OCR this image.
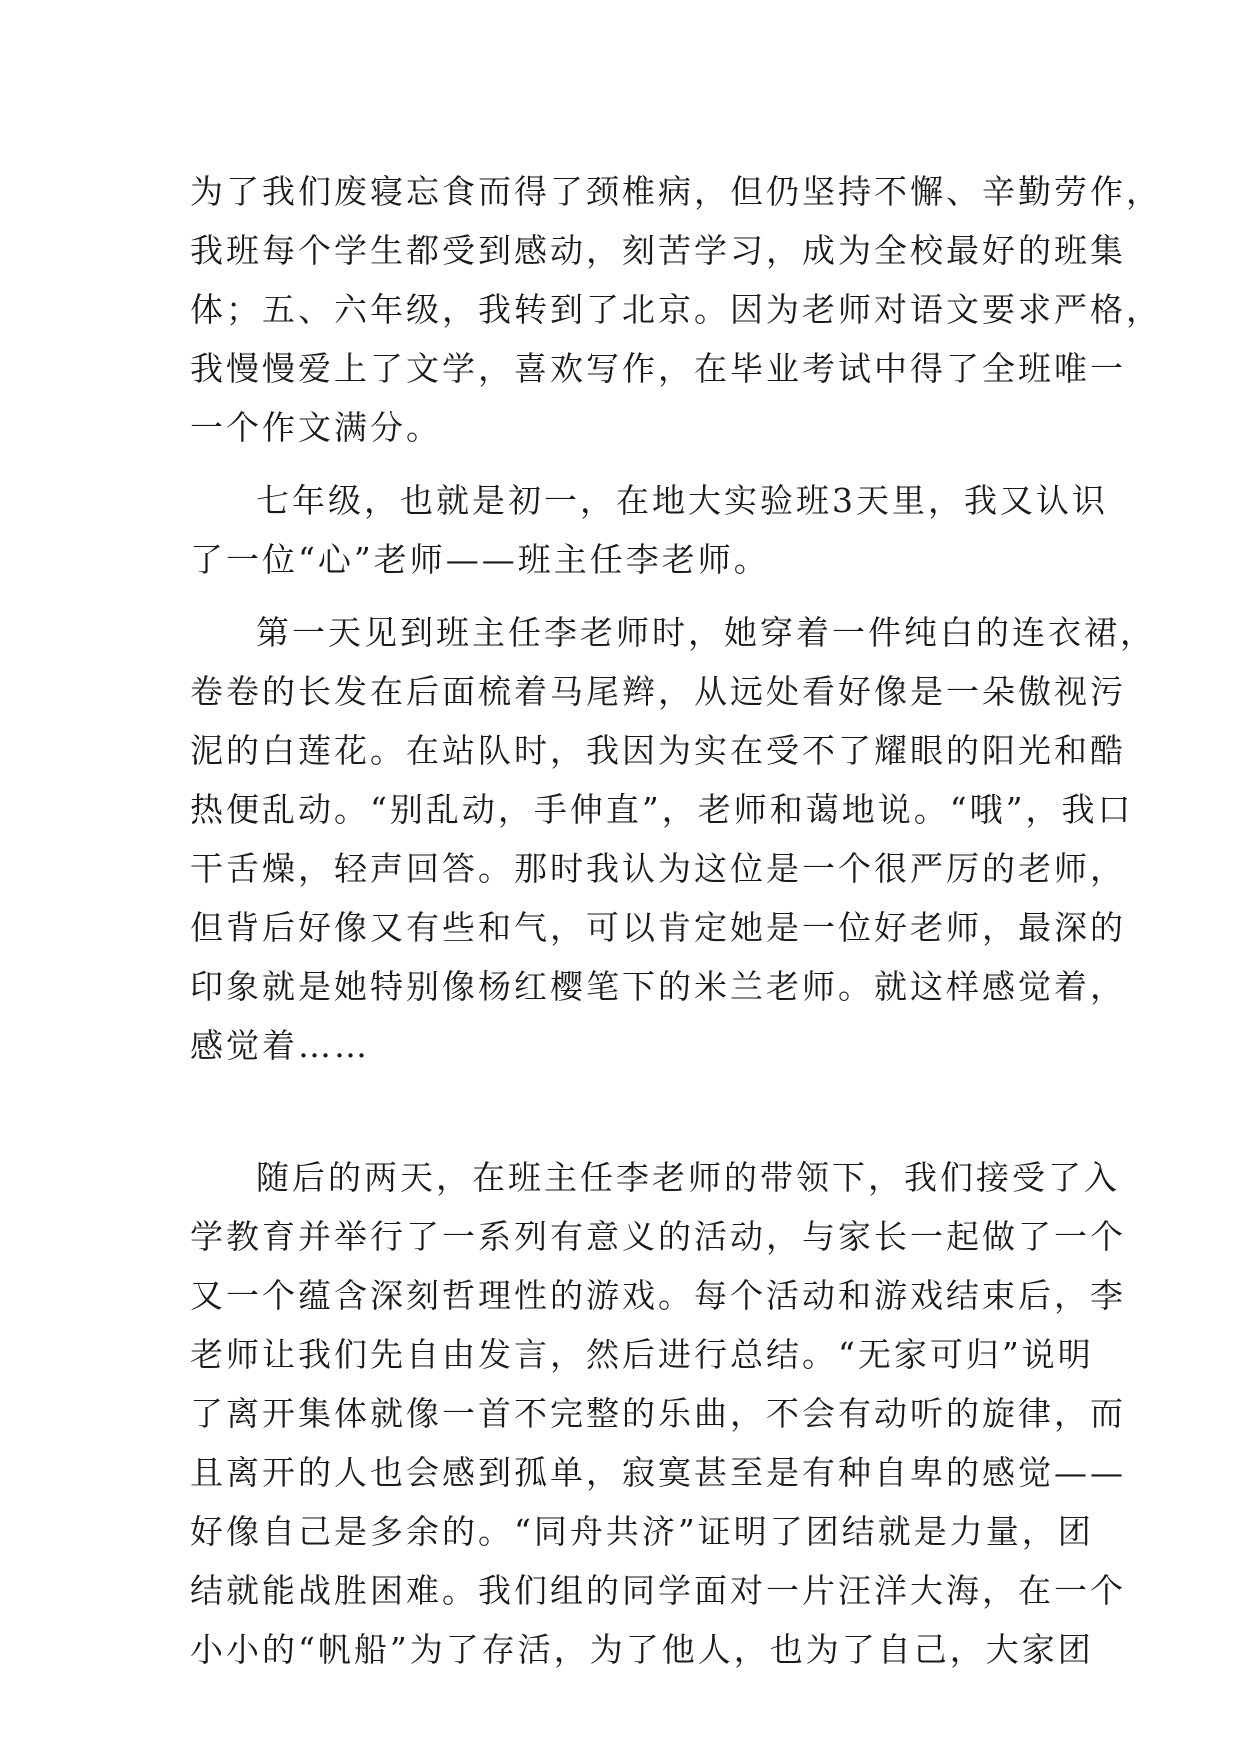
为了我们废寝忘食而得了颈椎病，但仍坚持不懈、辛勤劳作，
我班每个学生都受到感动，刻苦学习，成为全校最好的班集
体；五、六年级，我转到了北京。因为老师对语文要求严格，
我慢慢爱上了文学，喜欢写作，在毕业考试中得了全班唯一
一个作文满分。
七年级，也就是初一，在地大实验班3天里，我又认识
了一位“心”老师——班主任李老师。
第一天见到班主任李老师时，她穿着一件纯白的连衣裙，
卷卷的长发在后面梳着马尾辫，从远处看好像是一朵傲视污
泥的白莲花。在站队时，我因为实在受不了耀眼的阳光和酷
热便乱动。“别乱动，手伸直”，老师和蔼地说。“哦”，我口
干舌燥，轻声回答。那时我认为这位是一个很严厉的老师，
但背后好像又有些和气，可以肯定她是一位好老师，最深的
印象就是她特别像杨红樱笔下的米兰老师。就这样感觉着，
感觉着……
随后的两天，在班主任李老师的带领下，我们接受了入
学教育并举行了一系列有意义的活动，与家长一起做了一个
又一个蕴含深刻哲理性的游戏。每个活动和游戏结束后，李
老师让我们先自由发言，然后进行总结。“无家可归”说明
了离开集体就像一首不完整的乐曲，不会有动听的旋律，而
且离开的人也会感到孤单，寂寞甚至是有种自卑的感觉——
好像自己是多余的。“同舟共济”证明了团结就是力量，团
结就能战胜困难。我们组的同学面对一片汪洋大海，在一个
小小的“帆船”为了存活，为了他人，也为了自己，大家团
